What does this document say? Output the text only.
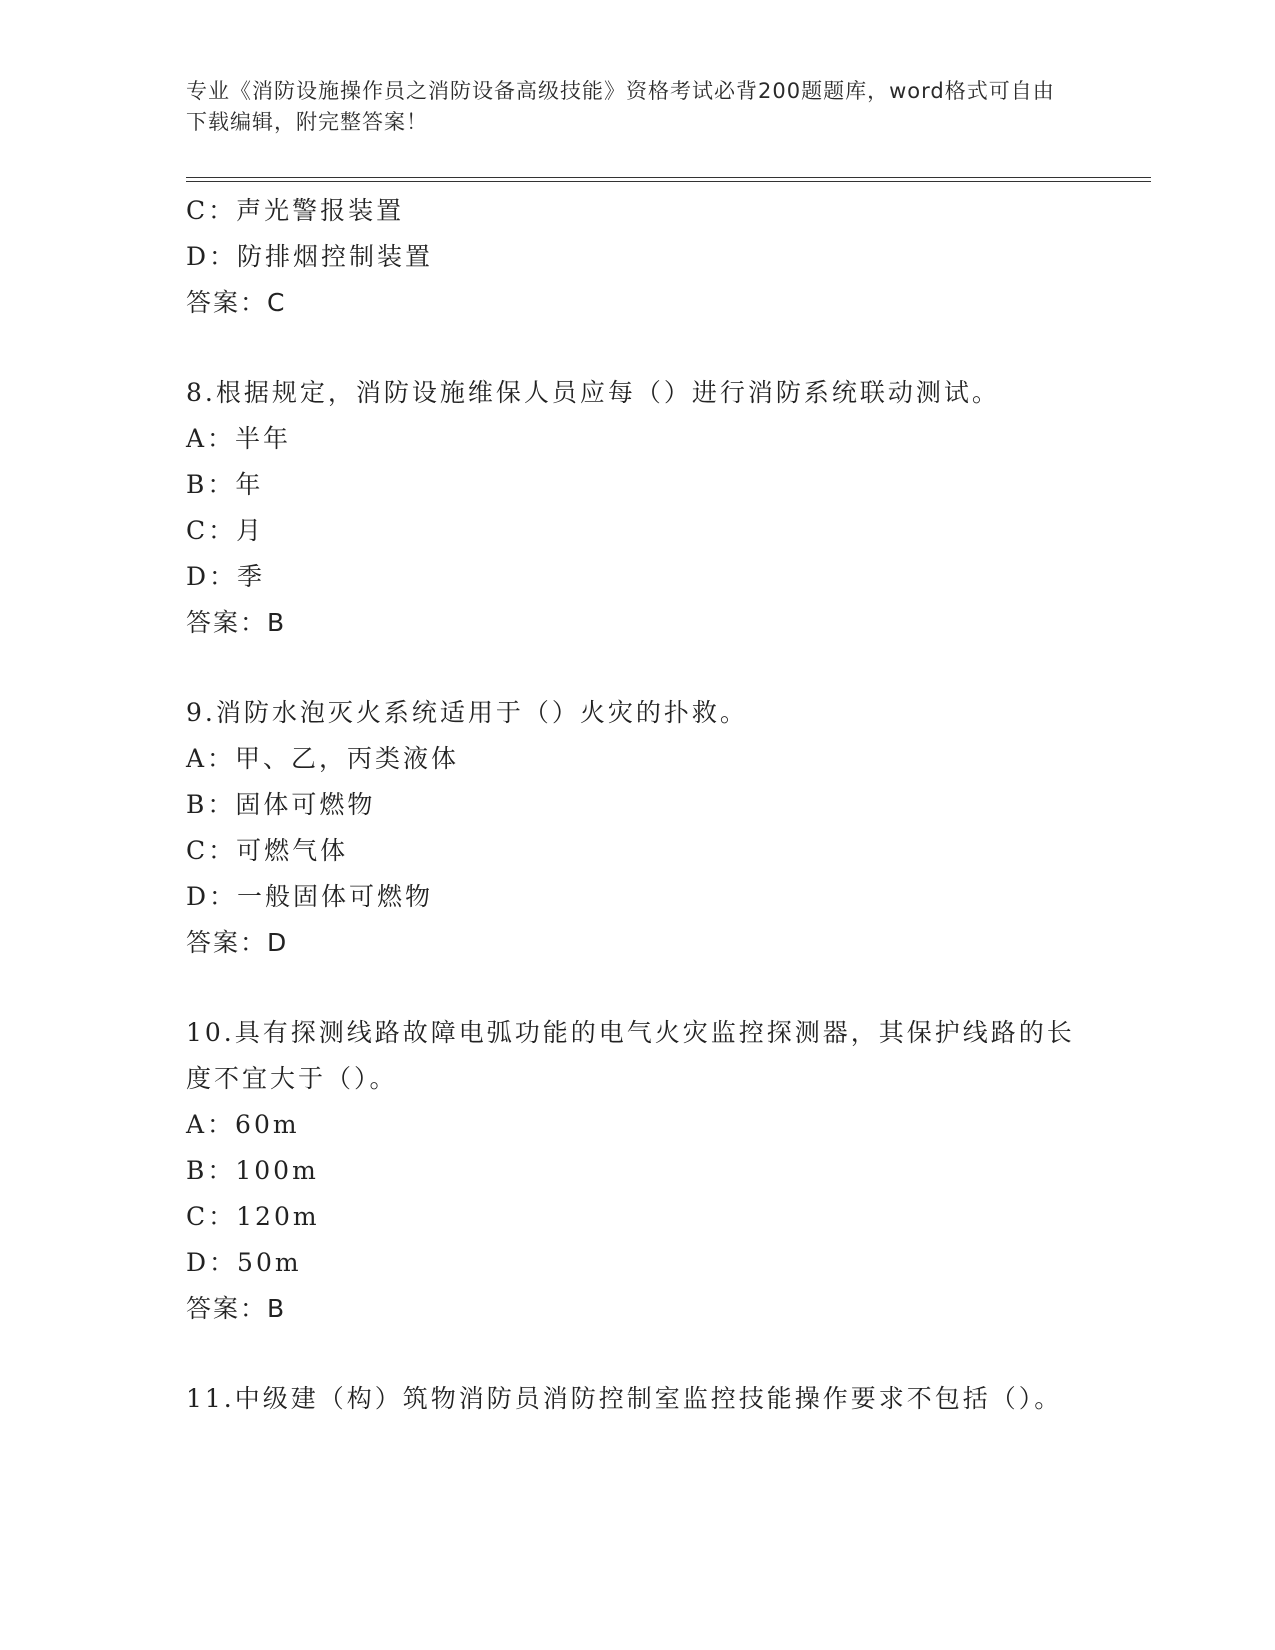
专业《消防设施操作员之消防设备高级技能》资格考试必背200题题库，word格式可自由下载编辑，附完整答案！
C：声光警报装置
D：防排烟控制装置
答案：C
8.根据规定，消防设施维保人员应每（）进行消防系统联动测试。
A：半年
B：年
C：月
D：季
答案：B
9.消防水泡灭火系统适用于（）火灾的扑救。
A：甲、乙，丙类液体
B：固体可燃物
C：可燃气体
D：一般固体可燃物
答案：D
10.具有探测线路故障电弧功能的电气火灾监控探测器，其保护线路的长度不宜大于（）。
A：60m
B：100m
C：120m
D：50m
答案：B
11.中级建（构）筑物消防员消防控制室监控技能操作要求不包括（）。
